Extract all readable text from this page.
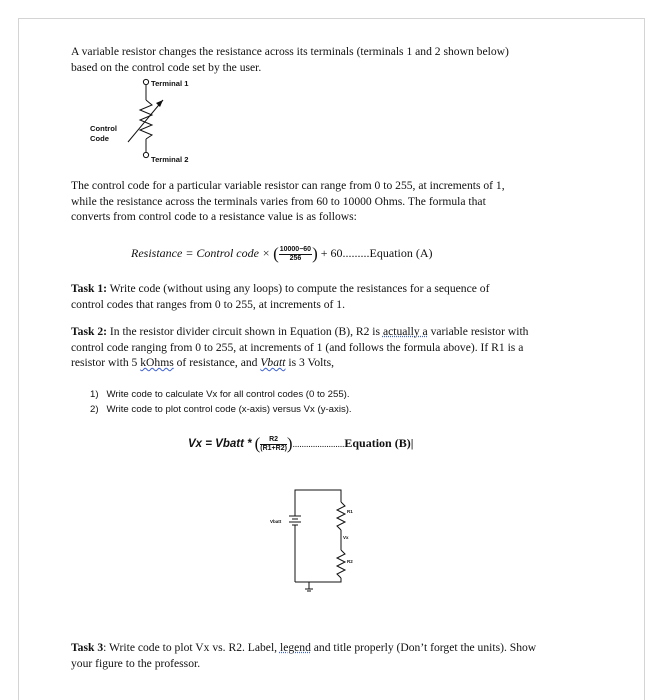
A variable resistor changes the resistance across its terminals (terminals 1 and 2 shown below)
based on the control code set by the user.
Terminal 1
Control
Code
Terminal 2
The control code for a particular variable resistor can range from 0 to 255, at increments of 1,
while the resistance across the terminals varies from 60 to 10000 Ohms. The formula that
converts from control code to a resistance value is as follows:
Resistance = Control code × ( $\frac{10000-60}{256}$ ) + 60.........Equation (A)
Task 1: Write code (without using any loops) to compute the resistances for a sequence of
control codes that ranges from 0 to 255, at increments of 1.
Task 2: In the resistor divider circuit shown in Equation (B), R2 is actually a variable resistor with
control code ranging from 0 to 255, at increments of 1 (and follows the formula above). If R1 is a
resistor with 5 kOhms of resistance, and Vbatt is 3 Volts,
1) Write code to calculate Vx for all control codes (0 to 255).
2) Write code to plot control code (x-axis) versus Vx (y-axis).
Vx = Vbatt * ( $\frac{R2}{(R1+R2)}$ ).......................Equation (B)|
Vbatt
R1
Vx
R2
Task 3: Write code to plot Vx vs. R2. Label, legend and title properly (Don’t forget the units). Show
your figure to the professor.
